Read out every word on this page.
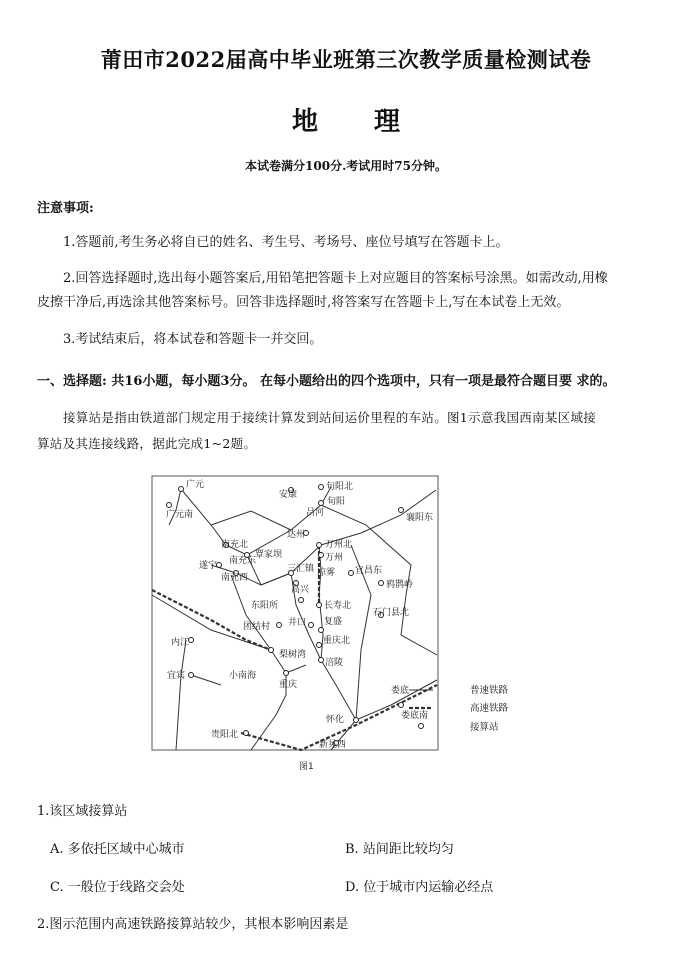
莆田市2022届高中毕业班第三次教学质量检测试卷
地 理
本试卷满分100分.考试用时75分钟。
注意事项:
1.答题前,考生务必将自已的姓名、考生号、考场号、座位号填写在答题卡上。
2.回答选择题时,选出每小题答案后,用铅笔把答题卡上对应题目的答案标号涂黑。如需改动,用橡
皮擦干净后,再选涂其他答案标号。回答非选择题时,将答案写在答题卡上,写在本试卷上无效。
3.考试结束后，将本试卷和答题卡一并交回。
一、选择题: 共16小题，每小题3分。 在每小题给出的四个选项中，只有一项是最符合题目要 求的。
接算站是指由铁道部门规定用于接续计算发到站间运价里程的车站。图1示意我国西南某区域接
算站及其连接线路，据此完成1~2题。
广元
广元南
安康
旬阳北
旬阳
吕河	襄阳东
达州
南充北
覃家坝
万州北
万州
南充东
遂宁
南充西
三汇镇 凉雾 宜昌东
鸦鹊岭
高兴
东阳所	长寿北
石门县北
团结村 井口 复盛
内江	重庆北
梨树湾
涪陵
宜宾	小南海
重庆
娄底
娄底南
怀化
贵阳北
新晃西
图1
普速铁路
高速铁路
接算站
1.该区域接算站
A. 多依托区域中心城市	B. 站间距比较均匀
C. 一般位于线路交会处	D. 位于城市内运输必经点
2.图示范围内高速铁路接算站较少，其根本影响因素是
